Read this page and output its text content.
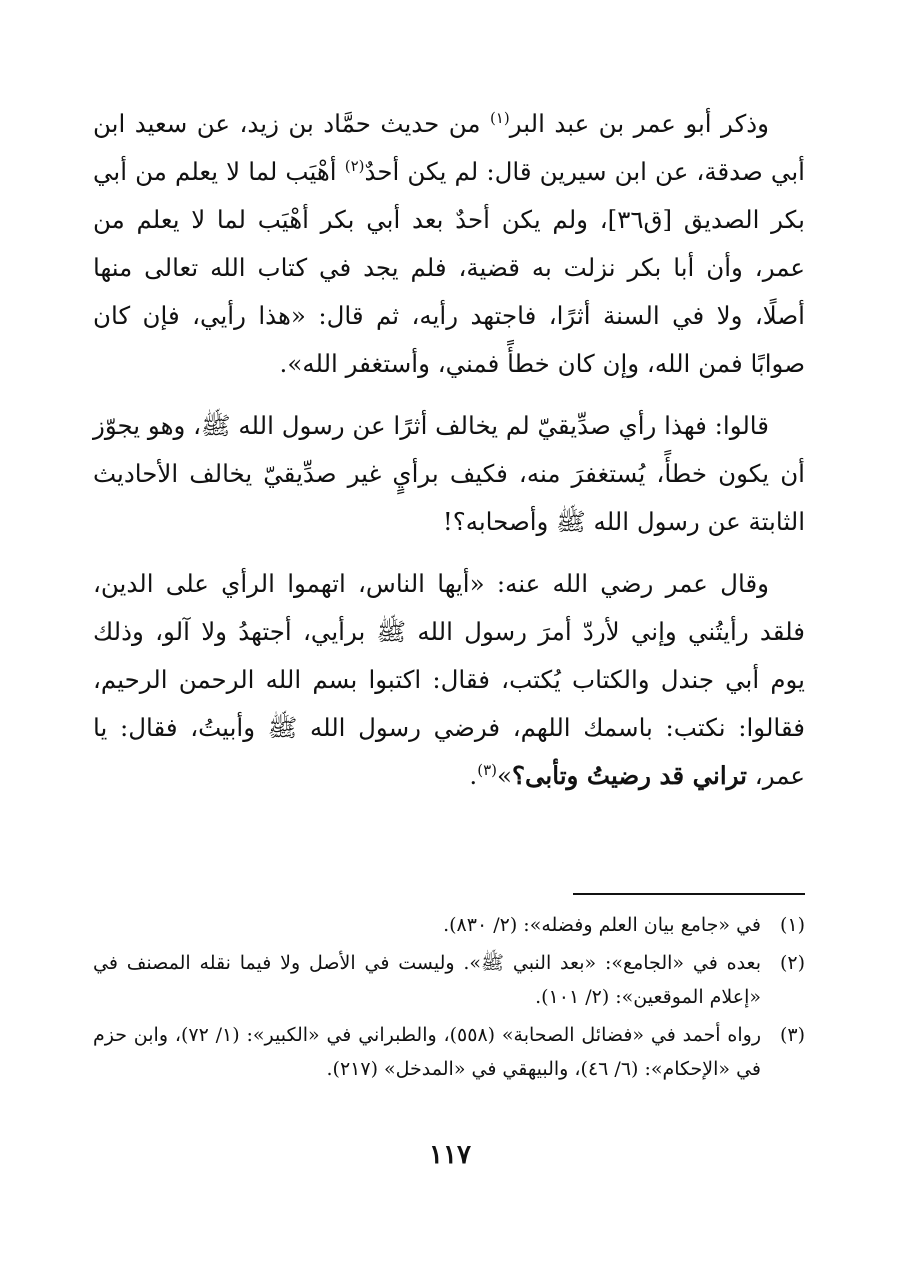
وذكر أبو عمر بن عبد البر$^{(١)}$ من حديث حمَّاد بن زيد، عن سعيد ابن أبي صدقة، عن ابن سيرين قال: لم يكن أحدٌ$^{(٢)}$ أهْيَب لما لا يعلم من أبي بكر الصديق [ق٣٦]، ولم يكن أحدٌ بعد أبي بكر أهْيَب لما لا يعلم من عمر، وأن أبا بكر نزلت به قضية، فلم يجد في كتاب الله تعالى منها أصلًا، ولا في السنة أثرًا، فاجتهد رأيه، ثم قال: «هذا رأيي، فإن كان صوابًا فمن الله، وإن كان خطأً فمني، وأستغفر الله».

قالوا: فهذا رأي صدِّيقيّ لم يخالف أثرًا عن رسول الله ﷺ، وهو يجوّز أن يكون خطأً، يُستغفرَ منه، فكيف برأيٍ غير صدِّيقيّ يخالف الأحاديث الثابتة عن رسول الله ﷺ وأصحابه؟!

وقال عمر رضي الله عنه: «أيها الناس، اتهموا الرأي على الدين، فلقد رأيتُني وإني لأردّ أمرَ رسول الله ﷺ برأيي، أجتهدُ ولا آلو، وذلك يوم أبي جندل والكتاب يُكتب، فقال: اكتبوا بسم الله الرحمن الرحيم، فقالوا: نكتب: باسمك اللهم، فرضي رسول الله ﷺ وأبيتُ، فقال: يا عمر، تراني قد رضيتُ وتأبى؟»$^{(٣)}$.

(١)
في «جامع بيان العلم وفضله»: (٢/ ٨٣٠).
(٢)
بعده في «الجامع»: «بعد النبي ﷺ». وليست في الأصل ولا فيما نقله المصنف في «إعلام الموقعين»: (٢/ ١٠١).
(٣)
رواه أحمد في «فضائل الصحابة» (٥٥٨)، والطبراني في «الكبير»: (١/ ٧٢)، وابن حزم في «الإحكام»: (٦/ ٤٦)، والبيهقي في «المدخل» (٢١٧).
١١٧
